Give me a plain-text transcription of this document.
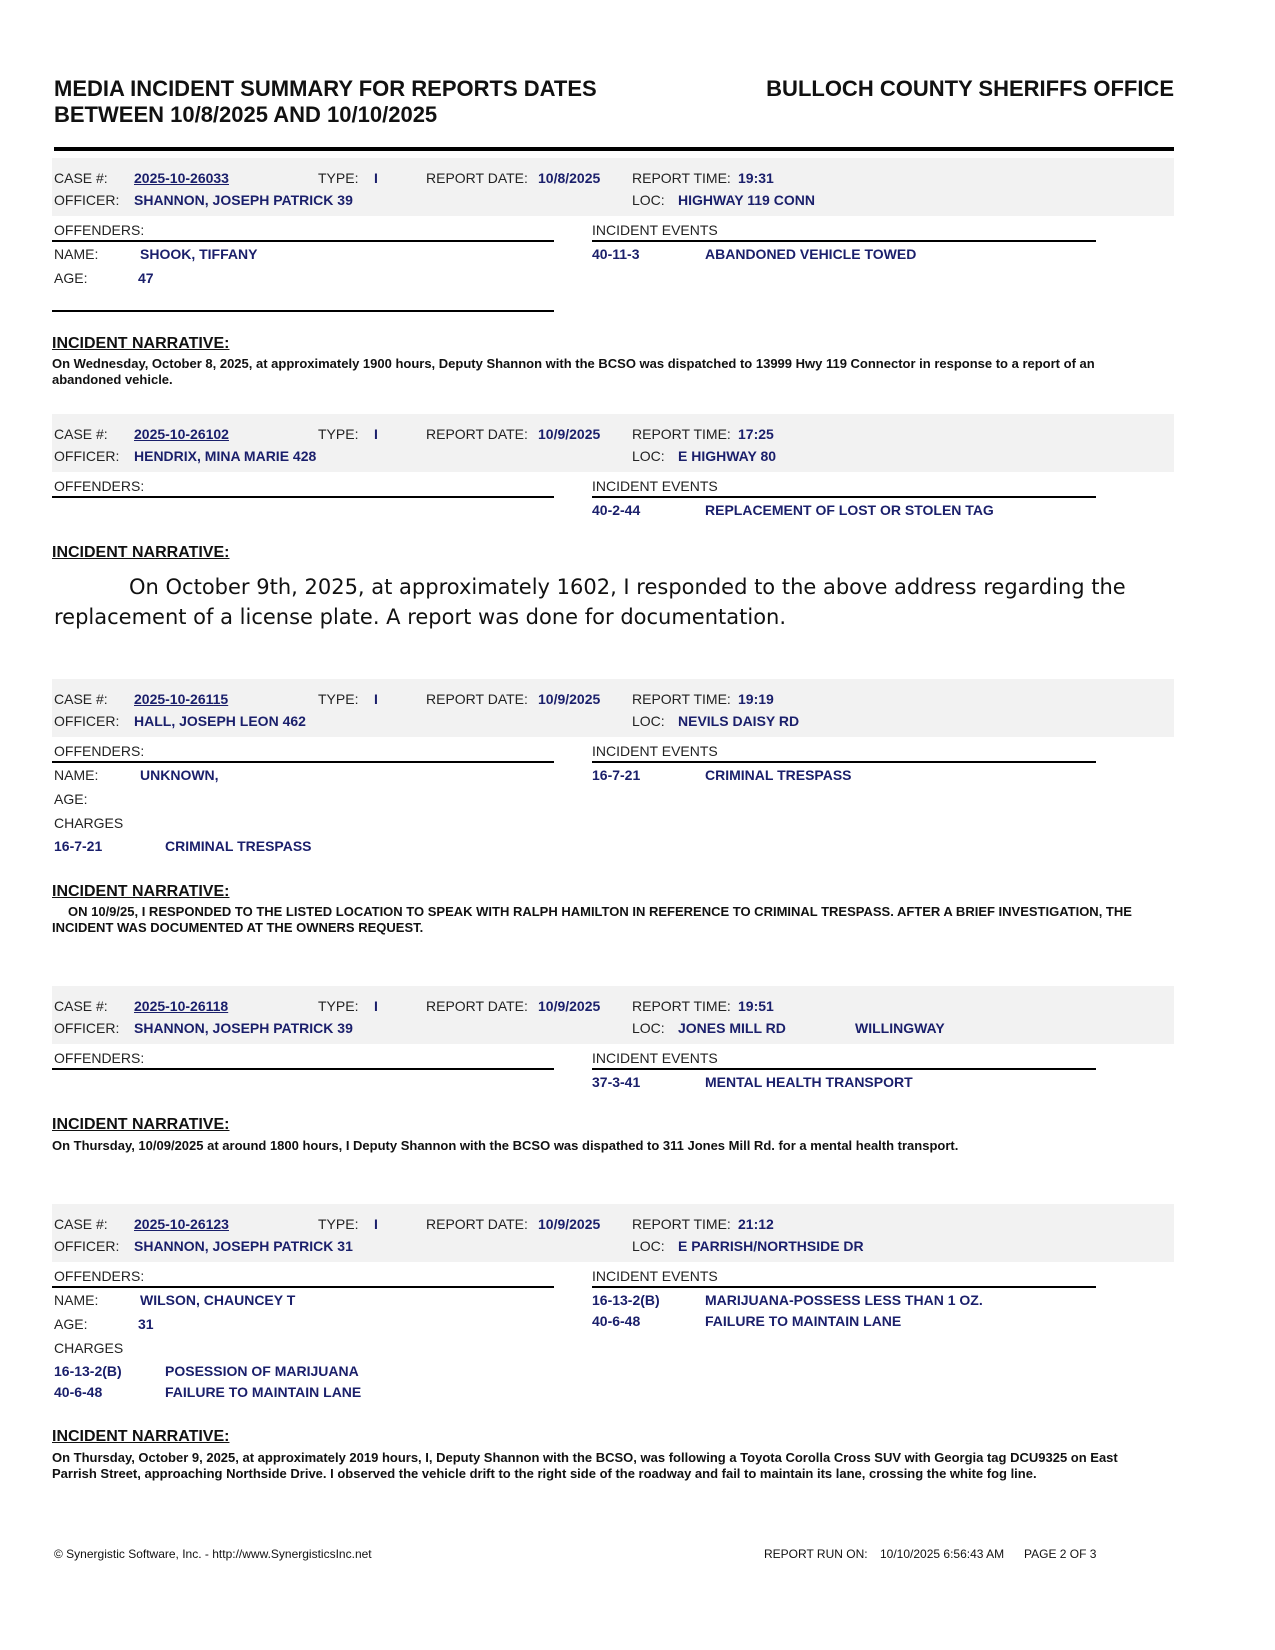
MEDIA INCIDENT SUMMARY FOR REPORTS DATES BETWEEN 10/8/2025 AND 10/10/2025
BULLOCH COUNTY SHERIFFS OFFICE
CASE #: 2025-10-26033	TYPE: I	REPORT DATE: 10/8/2025 REPORT TIME: 19:31
OFFICER: SHANNON, JOSEPH PATRICK 39	LOC: HIGHWAY 119 CONN
OFFENDERS:	INCIDENT EVENTS
NAME:	SHOOK, TIFFANY
AGE:	47
40-11-3	ABANDONED VEHICLE TOWED
INCIDENT NARRATIVE:
On Wednesday, October 8, 2025, at approximately 1900 hours, Deputy Shannon with the BCSO was dispatched to 13999 Hwy 119 Connector in response to a report of an abandoned vehicle.
CASE #: 2025-10-26102	TYPE: I	REPORT DATE: 10/9/2025 REPORT TIME: 17:25
OFFICER: HENDRIX, MINA MARIE 428	LOC: E HIGHWAY 80
OFFENDERS:	INCIDENT EVENTS
40-2-44	REPLACEMENT OF LOST OR STOLEN TAG
INCIDENT NARRATIVE:
On October 9th, 2025, at approximately 1602, I responded to the above address regarding the replacement of a license plate. A report was done for documentation.
CASE #: 2025-10-26115	TYPE: I	REPORT DATE: 10/9/2025 REPORT TIME: 19:19
OFFICER: HALL, JOSEPH LEON 462	LOC: NEVILS DAISY RD
OFFENDERS:	INCIDENT EVENTS
NAME:	UNKNOWN,
AGE:
CHARGES
16-7-21	CRIMINAL TRESPASS
16-7-21	CRIMINAL TRESPASS
INCIDENT NARRATIVE:
ON 10/9/25, I RESPONDED TO THE LISTED LOCATION TO SPEAK WITH RALPH HAMILTON IN REFERENCE TO CRIMINAL TRESPASS. AFTER A BRIEF INVESTIGATION, THE INCIDENT WAS DOCUMENTED AT THE OWNERS REQUEST.
CASE #: 2025-10-26118	TYPE: I	REPORT DATE: 10/9/2025 REPORT TIME: 19:51
OFFICER: SHANNON, JOSEPH PATRICK 39	LOC: JONES MILL RD	WILLINGWAY
OFFENDERS:	INCIDENT EVENTS
37-3-41	MENTAL HEALTH TRANSPORT
INCIDENT NARRATIVE:
On Thursday, 10/09/2025 at around 1800 hours, I Deputy Shannon with the BCSO was dispathed to 311 Jones Mill Rd. for a mental health transport.
CASE #: 2025-10-26123	TYPE: I	REPORT DATE: 10/9/2025 REPORT TIME: 21:12
OFFICER: SHANNON, JOSEPH PATRICK 31	LOC: E PARRISH/NORTHSIDE DR
OFFENDERS:	INCIDENT EVENTS
NAME:	WILSON, CHAUNCEY T
AGE:	31
CHARGES
16-13-2(B)	POSESSION OF MARIJUANA
40-6-48	FAILURE TO MAINTAIN LANE
16-13-2(B)	MARIJUANA-POSSESS LESS THAN 1 OZ.
40-6-48	FAILURE TO MAINTAIN LANE
INCIDENT NARRATIVE:
On Thursday, October 9, 2025, at approximately 2019 hours, I, Deputy Shannon with the BCSO, was following a Toyota Corolla Cross SUV with Georgia tag DCU9325 on East Parrish Street, approaching Northside Drive. I observed the vehicle drift to the right side of the roadway and fail to maintain its lane, crossing the white fog line.
© Synergistic Software, Inc. - http://www.SynergisticsInc.net	REPORT RUN ON: 10/10/2025 6:56:43 AM PAGE 2 OF 3
